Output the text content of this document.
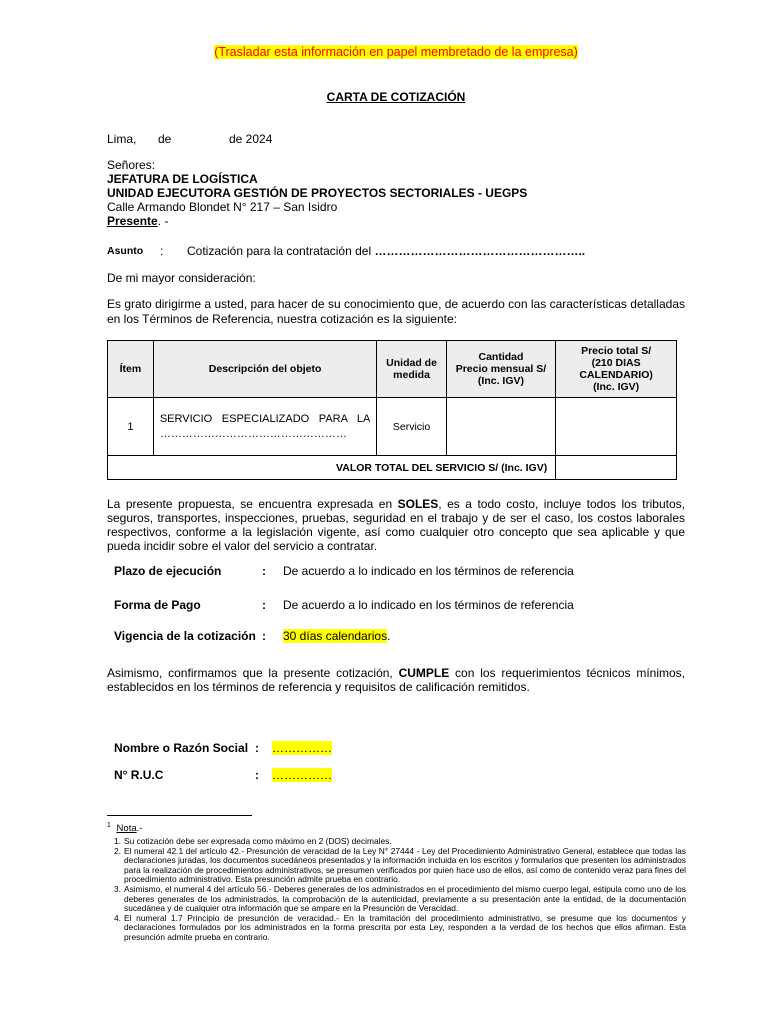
(Trasladar esta información en papel membretado de la empresa)
CARTA DE COTIZACIÓN
Lima, de	de 2024
Señores:
JEFATURA DE LOGÍSTICA
UNIDAD EJECUTORA GESTIÓN DE PROYECTOS SECTORIALES - UEGPS
Calle Armando Blondet N° 217 – San Isidro
Presente. -
Asunto : Cotización para la contratación del ……………………………………………..
De mi mayor consideración:

Es grato dirigirme a usted, para hacer de su conocimiento que, de acuerdo con las características detalladas en los Términos de Referencia, nuestra cotización es la siguiente:

Ítem	Descripción del objeto	Unidad de medida	Cantidad
Precio mensual S/
(Inc. IGV)	Precio total S/
(210 DIAS CALENDARIO)
(Inc. IGV)
1	SERVICIO ESPECIALIZADO PARA LA ……………………………………………	Servicio		
VALOR TOTAL DEL SERVICIO S/ (Inc. IGV)				

La presente propuesta, se encuentra expresada en SOLES, es a todo costo, incluye todos los tributos, seguros, transportes, inspecciones, pruebas, seguridad en el trabajo y de ser el caso, los costos laborales respectivos, conforme a la legislación vigente, así como cualquier otro concepto que sea aplicable y que pueda incidir sobre el valor del servicio a contratar.

Plazo de ejecución	: De acuerdo a lo indicado en los términos de referencia
Forma de Pago	: De acuerdo a lo indicado en los términos de referencia
Vigencia de la cotización : 30 días calendarios.

Asimismo, confirmamos que la presente cotización, CUMPLE con los requerimientos técnicos mínimos, establecidos en los términos de referencia y requisitos de calificación remitidos.

Nombre o Razón Social : ……………
N° R.U.C	: ……………
$^1$ Nota.-
1. Su cotización debe ser expresada como máximo en 2 (DOS) decimales.
2. El numeral 42.1 del artículo 42.- Presunción de veracidad de la Ley N° 27444 - Ley del Procedimiento Administrativo General, establece que todas las declaraciones juradas, los documentos sucedáneos presentados y la información incluida en los escritos y formularios que presenten los administrados para la realización de procedimientos administrativos, se presumen verificados por quien hace uso de ellos, así como de contenido veraz para fines del procedimiento administrativo. Esta presunción admite prueba en contrario.
3. Asimismo, el numeral 4 del artículo 56.- Deberes generales de los administrados en el procedimiento del mismo cuerpo legal, estipula como uno de los deberes generales de los administrados, la comprobación de la autenticidad, previamente a su presentación ante la entidad, de la documentación sucedánea y de cualquier otra información que se ampare en la Presunción de Veracidad.
4. El numeral 1.7 Principio de presunción de veracidad.- En la tramitación del procedimiento administrativo, se presume que los documentos y declaraciones formulados por los administrados en la forma prescrita por esta Ley, responden a la verdad de los hechos que ellos afirman. Esta presunción admite prueba en contrario.
